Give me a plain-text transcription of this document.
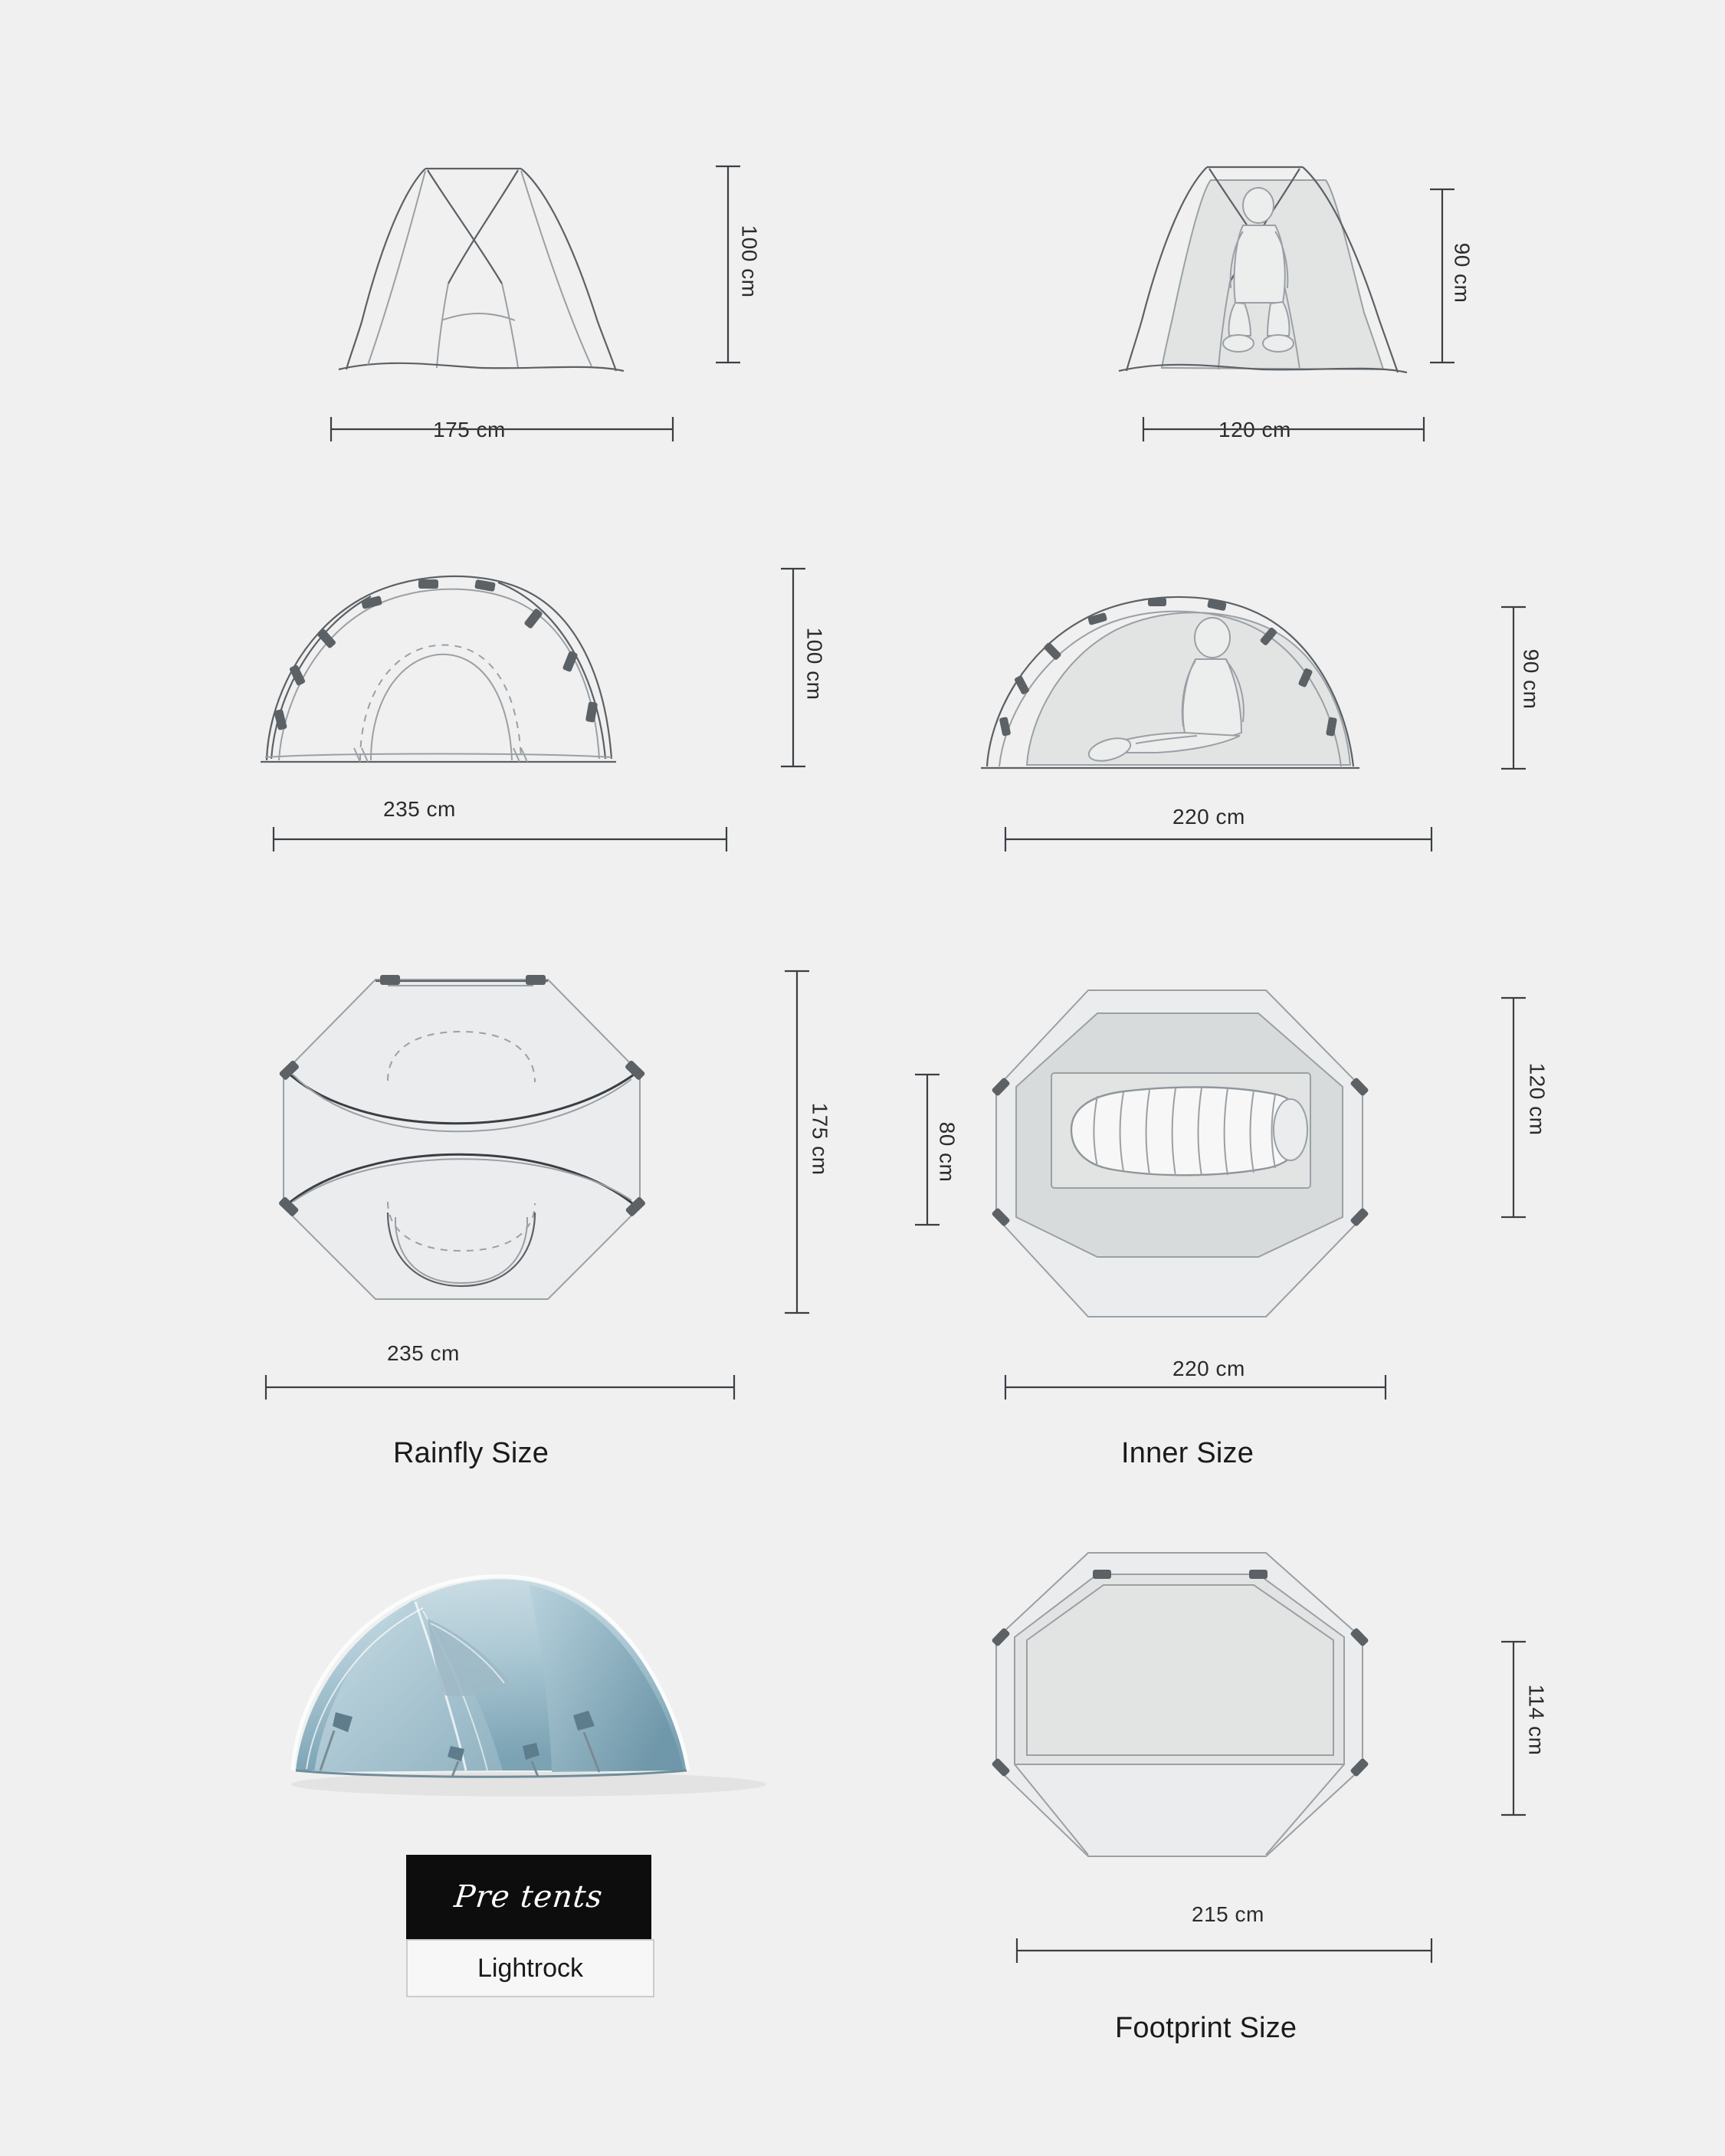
175 cm
100 cm
120 cm
90 cm
235 cm
100 cm
220 cm
90 cm
235 cm
175 cm
220 cm
80 cm
120 cm
Rainfly Size	Inner Size
Pre tents
Lightrock
215 cm
114 cm
Footprint Size
